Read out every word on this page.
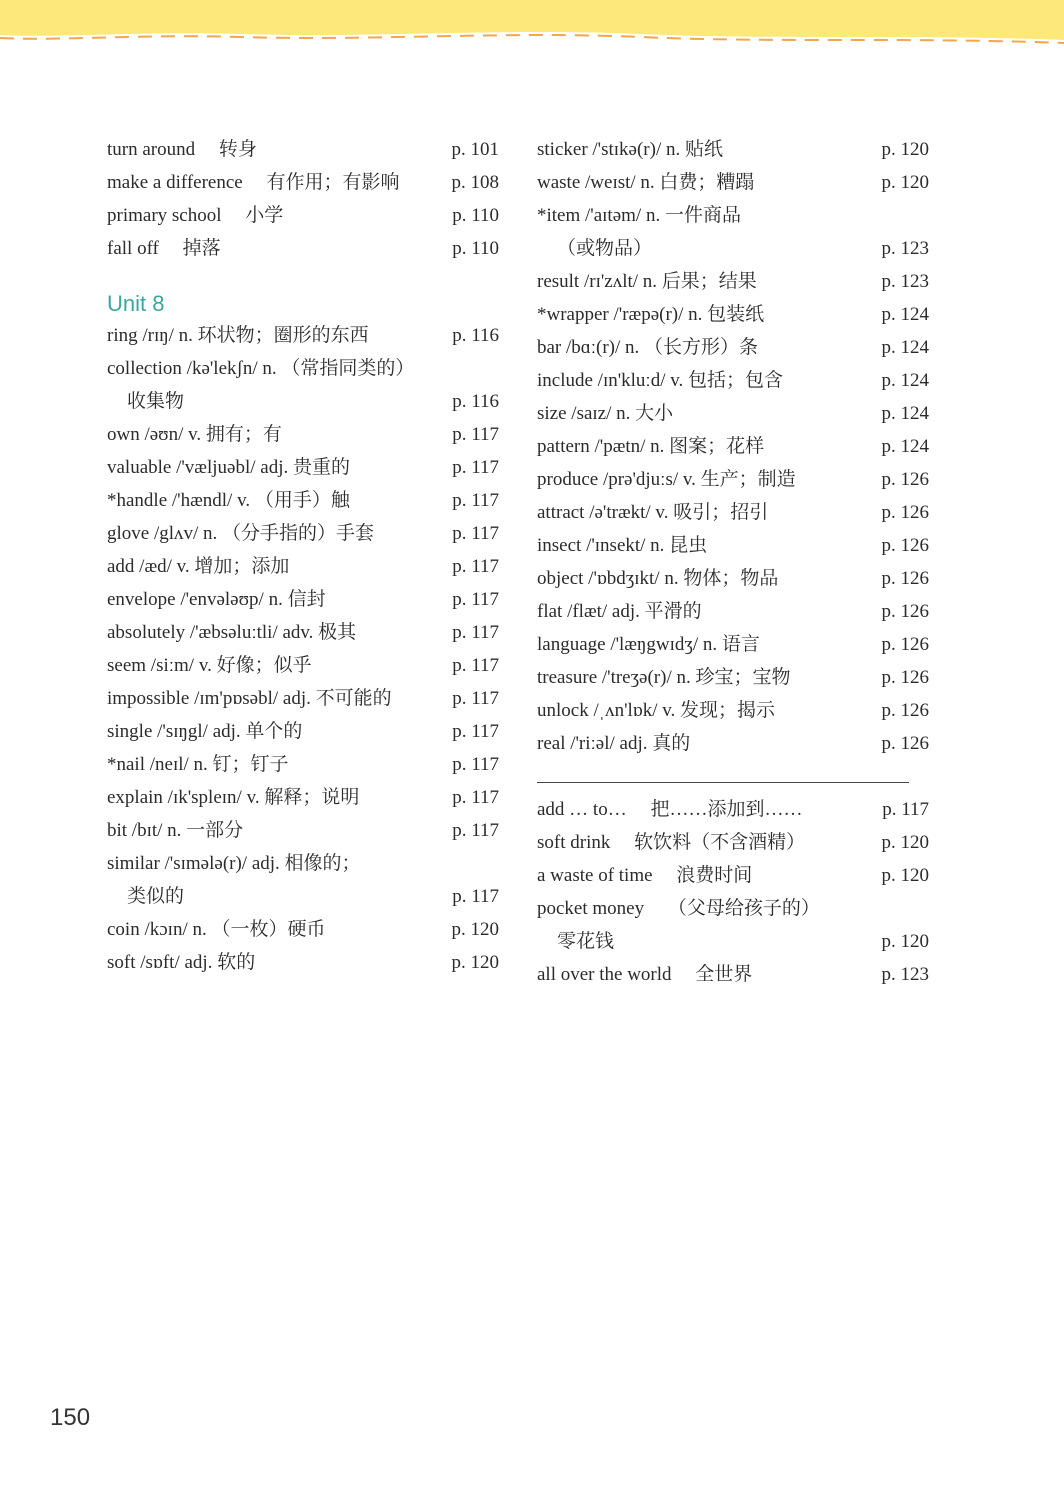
turn around　 转身	p. 101
make a difference　 有作用；有影响	p. 108
primary school　 小学	p. 110
fall off　 掉落	p. 110
Unit 8
ring /rɪŋ/ n. 环状物；圈形的东西	p. 116
collection /kə'lekʃn/ n. （常指同类的）
收集物	p. 116
own /əʊn/ v. 拥有；有	p. 117
valuable /'væljuəbl/ adj. 贵重的	p. 117
*handle /'hændl/ v. （用手）触	p. 117
glove /glʌv/ n. （分手指的）手套	p. 117
add /æd/ v. 增加；添加	p. 117
envelope /'envələʊp/ n. 信封	p. 117
absolutely /'æbsəluːtli/ adv. 极其	p. 117
seem /siːm/ v. 好像；似乎	p. 117
impossible /ɪm'pɒsəbl/ adj. 不可能的	p. 117
single /'sɪŋgl/ adj. 单个的	p. 117
*nail /neɪl/ n. 钉；钉子	p. 117
explain /ɪk'spleɪn/ v. 解释；说明	p. 117
bit /bɪt/ n. 一部分	p. 117
similar /'sɪmələ(r)/ adj. 相像的；
类似的	p. 117
coin /kɔɪn/ n. （一枚）硬币	p. 120
soft /sɒft/ adj. 软的	p. 120
sticker /'stɪkə(r)/ n. 贴纸	p. 120
waste /weɪst/ n. 白费；糟蹋	p. 120
*item /'aɪtəm/ n. 一件商品
（或物品）	p. 123
result /rɪ'zʌlt/ n. 后果；结果	p. 123
*wrapper /'ræpə(r)/ n. 包装纸	p. 124
bar /bɑː(r)/ n. （长方形）条	p. 124
include /ɪn'kluːd/ v. 包括；包含	p. 124
size /saɪz/ n. 大小	p. 124
pattern /'pætn/ n. 图案；花样	p. 124
produce /prə'djuːs/ v. 生产；制造	p. 126
attract /ə'trækt/ v. 吸引；招引	p. 126
insect /'ɪnsekt/ n. 昆虫	p. 126
object /'ɒbdʒɪkt/ n. 物体；物品	p. 126
flat /flæt/ adj. 平滑的	p. 126
language /'læŋgwɪdʒ/ n. 语言	p. 126
treasure /'treʒə(r)/ n. 珍宝；宝物	p. 126
unlock /ˌʌn'lɒk/ v. 发现；揭示	p. 126
real /'riːəl/ adj. 真的	p. 126
add … to…　 把……添加到……	p. 117
soft drink　 软饮料（不含酒精）	p. 120
a waste of time　 浪费时间	p. 120
pocket money　 （父母给孩子的）
零花钱	p. 120
all over the world　 全世界	p. 123
150
